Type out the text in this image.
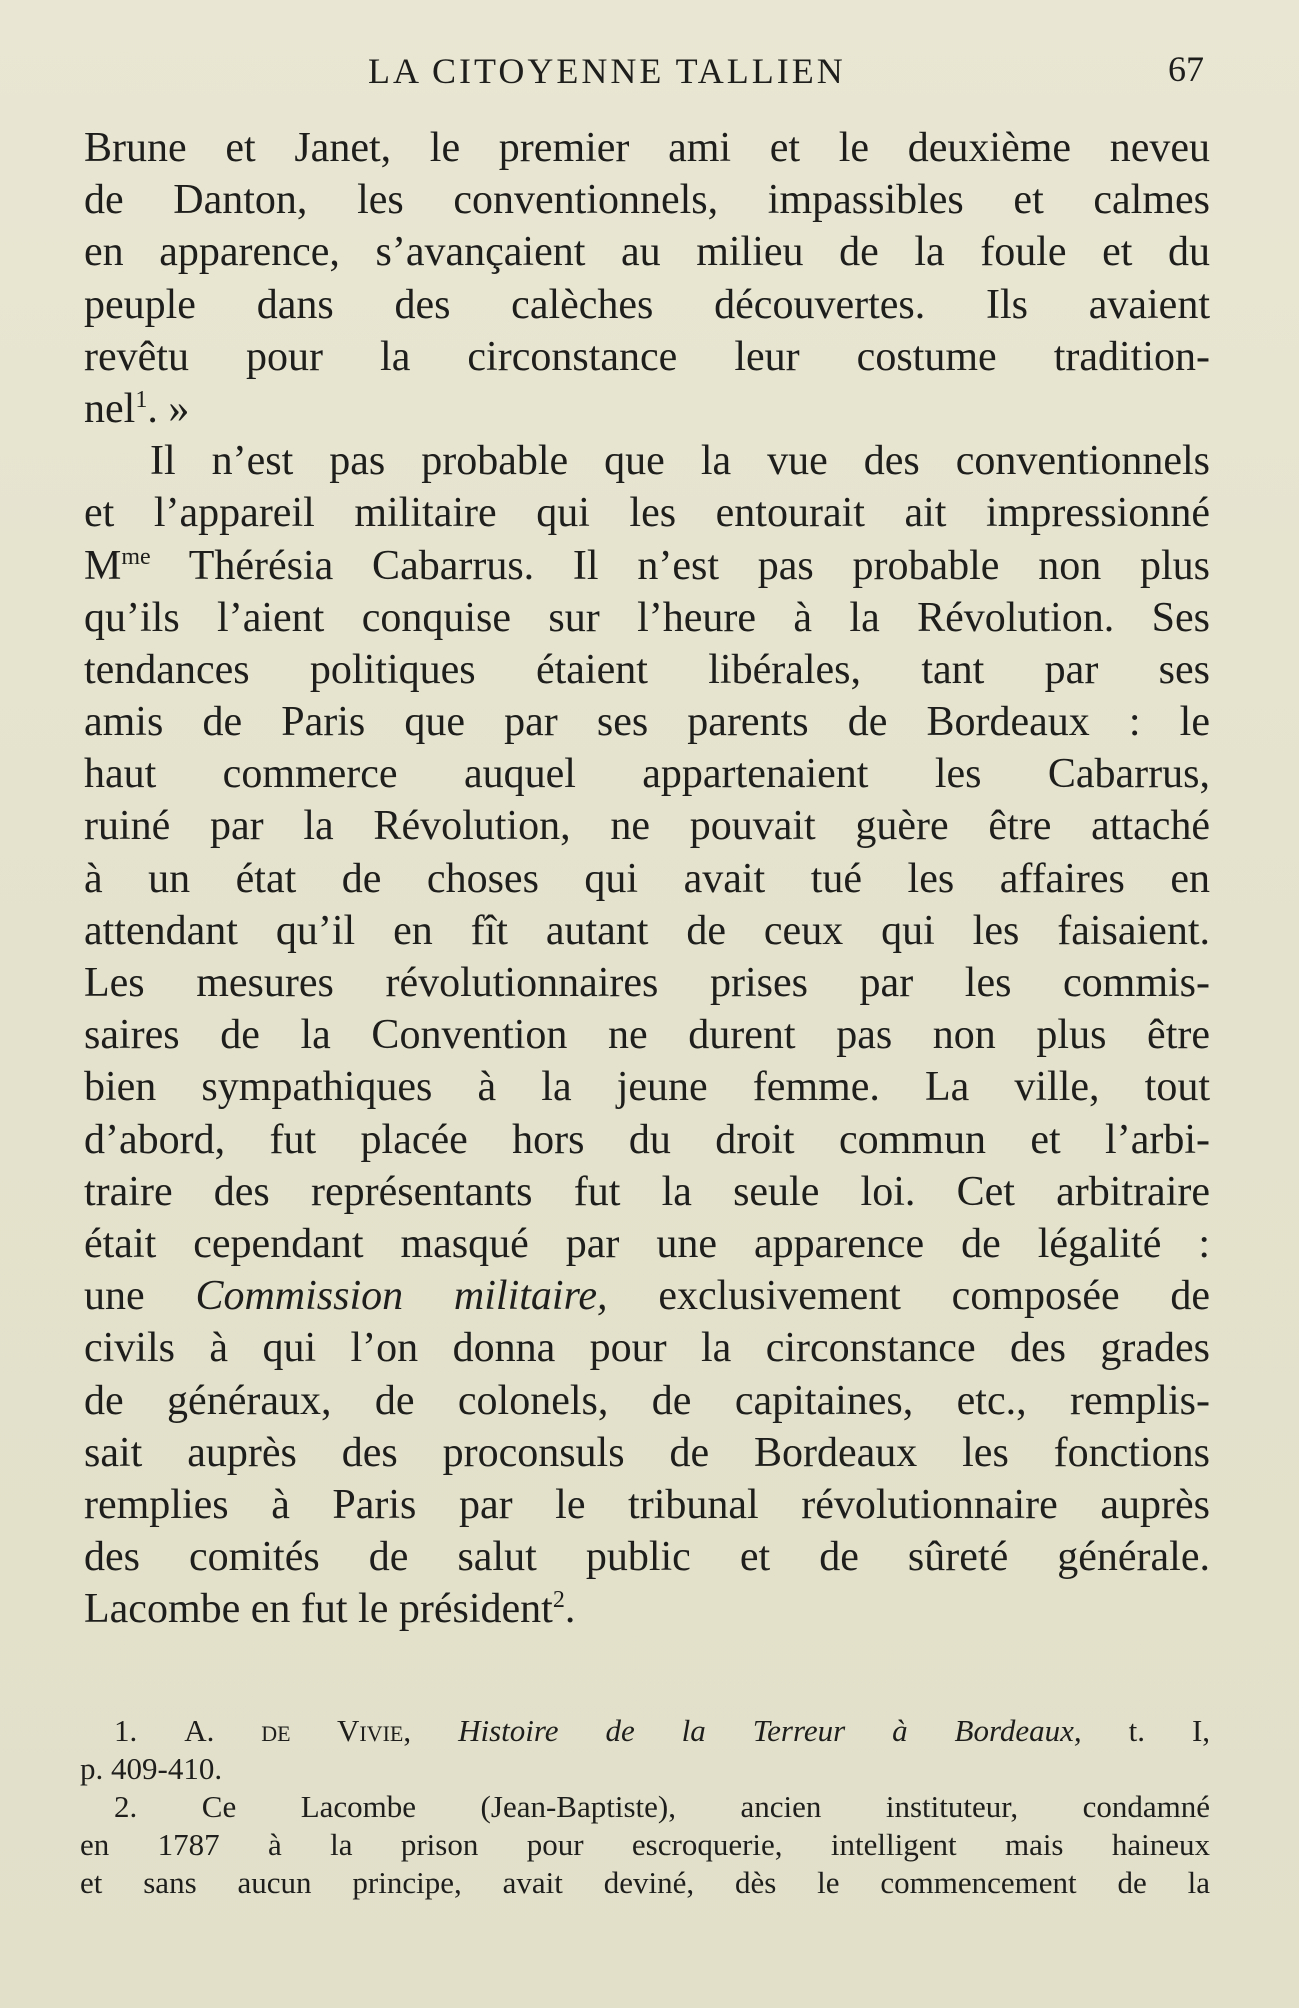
LA CITOYENNE TALLIEN	67
Brune et Janet, le premier ami et le deuxième neveu
de Danton, les conventionnels, impassibles et calmes
en apparence, s’avançaient au milieu de la foule et du
peuple dans des calèches découvertes. Ils avaient
revêtu pour la circonstance leur costume tradition-
nel$^1$. »
Il n’est pas probable que la vue des conventionnels
et l’appareil militaire qui les entourait ait impressionné
$M^{me}$ Thérésia Cabarrus. Il n’est pas probable non plus
qu’ils l’aient conquise sur l’heure à la Révolution. Ses
tendances politiques étaient libérales, tant par ses
amis de Paris que par ses parents de Bordeaux : le
haut commerce auquel appartenaient les Cabarrus,
ruiné par la Révolution, ne pouvait guère être attaché
à un état de choses qui avait tué les affaires en
attendant qu’il en fît autant de ceux qui les faisaient.
Les mesures révolutionnaires prises par les commis-
saires de la Convention ne durent pas non plus être
bien sympathiques à la jeune femme. La ville, tout
d’abord, fut placée hors du droit commun et l’arbi-
traire des représentants fut la seule loi. Cet arbitraire
était cependant masqué par une apparence de légalité :
une Commission militaire, exclusivement composée de
civils à qui l’on donna pour la circonstance des grades
de généraux, de colonels, de capitaines, etc., remplis-
sait auprès des proconsuls de Bordeaux les fonctions
remplies à Paris par le tribunal révolutionnaire auprès
des comités de salut public et de sûreté générale.
Lacombe en fut le président$^2$.
1. A. de Vivie, Histoire de la Terreur à Bordeaux, t. I,
p. 409-410.
2. Ce Lacombe (Jean-Baptiste), ancien instituteur, condamné
en 1787 à la prison pour escroquerie, intelligent mais haineux
et sans aucun principe, avait deviné, dès le commencement de la
